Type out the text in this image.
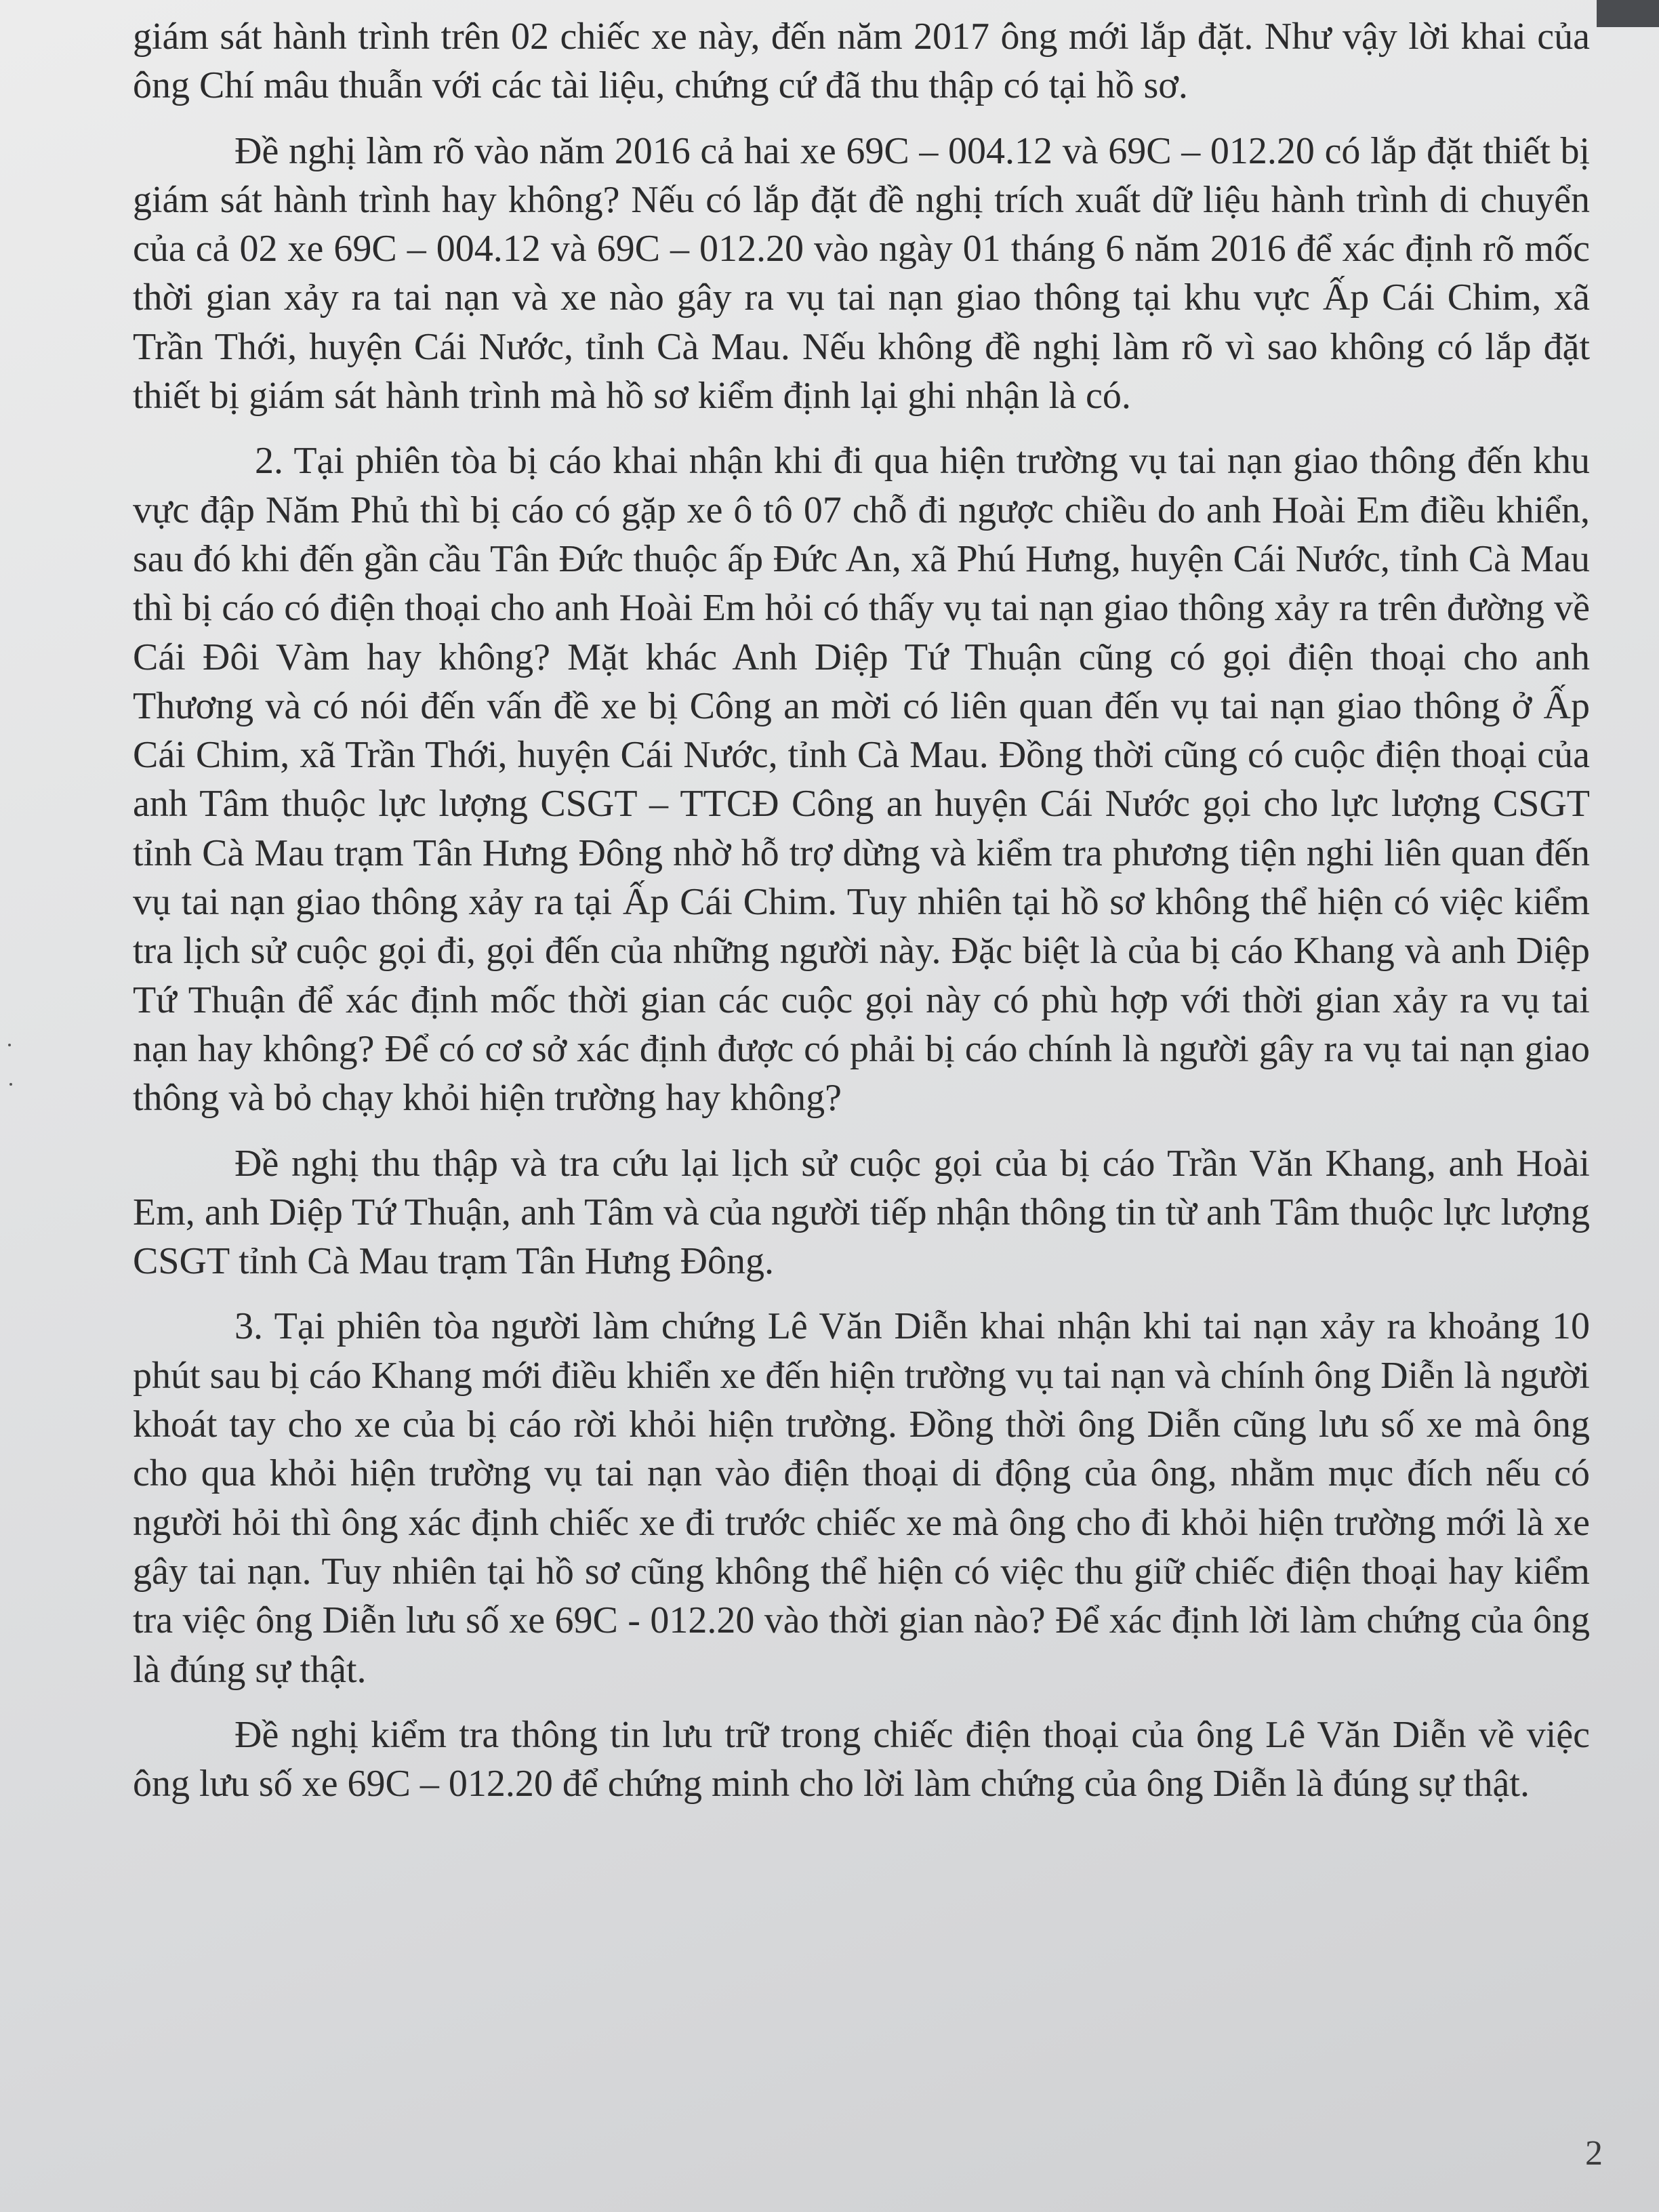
giám sát hành trình trên 02 chiếc xe này, đến năm 2017 ông mới lắp đặt. Như vậy lời khai của ông Chí mâu thuẫn với các tài liệu, chứng cứ đã thu thập có tại hồ sơ.

Đề nghị làm rõ vào năm 2016 cả hai xe 69C – 004.12 và 69C – 012.20 có lắp đặt thiết bị giám sát hành trình hay không? Nếu có lắp đặt đề nghị trích xuất dữ liệu hành trình di chuyển của cả 02 xe 69C – 004.12 và 69C – 012.20 vào ngày 01 tháng 6 năm 2016 để xác định rõ mốc thời gian xảy ra tai nạn và xe nào gây ra vụ tai nạn giao thông tại khu vực Ấp Cái Chim, xã Trần Thới, huyện Cái Nước, tỉnh Cà Mau. Nếu không đề nghị làm rõ vì sao không có lắp đặt thiết bị giám sát hành trình mà hồ sơ kiểm định lại ghi nhận là có.

2. Tại phiên tòa bị cáo khai nhận khi đi qua hiện trường vụ tai nạn giao thông đến khu vực đập Năm Phủ thì bị cáo có gặp xe ô tô 07 chỗ đi ngược chiều do anh Hoài Em điều khiển, sau đó khi đến gần cầu Tân Đức thuộc ấp Đức An, xã Phú Hưng, huyện Cái Nước, tỉnh Cà Mau thì bị cáo có điện thoại cho anh Hoài Em hỏi có thấy vụ tai nạn giao thông xảy ra trên đường về Cái Đôi Vàm hay không? Mặt khác Anh Diệp Tứ Thuận cũng có gọi điện thoại cho anh Thương và có nói đến vấn đề xe bị Công an mời có liên quan đến vụ tai nạn giao thông ở Ấp Cái Chim, xã Trần Thới, huyện Cái Nước, tỉnh Cà Mau. Đồng thời cũng có cuộc điện thoại của anh Tâm thuộc lực lượng CSGT – TTCĐ Công an huyện Cái Nước gọi cho lực lượng CSGT tỉnh Cà Mau trạm Tân Hưng Đông nhờ hỗ trợ dừng và kiểm tra phương tiện nghi liên quan đến vụ tai nạn giao thông xảy ra tại Ấp Cái Chim. Tuy nhiên tại hồ sơ không thể hiện có việc kiểm tra lịch sử cuộc gọi đi, gọi đến của những người này. Đặc biệt là của bị cáo Khang và anh Diệp Tứ Thuận để xác định mốc thời gian các cuộc gọi này có phù hợp với thời gian xảy ra vụ tai nạn hay không? Để có cơ sở xác định được có phải bị cáo chính là người gây ra vụ tai nạn giao thông và bỏ chạy khỏi hiện trường hay không?

Đề nghị thu thập và tra cứu lại lịch sử cuộc gọi của bị cáo Trần Văn Khang, anh Hoài Em, anh Diệp Tứ Thuận, anh Tâm và của người tiếp nhận thông tin từ anh Tâm thuộc lực lượng CSGT tỉnh Cà Mau trạm Tân Hưng Đông.

3. Tại phiên tòa người làm chứng Lê Văn Diễn khai nhận khi tai nạn xảy ra khoảng 10 phút sau bị cáo Khang mới điều khiển xe đến hiện trường vụ tai nạn và chính ông Diễn là người khoát tay cho xe của bị cáo rời khỏi hiện trường. Đồng thời ông Diễn cũng lưu số xe mà ông cho qua khỏi hiện trường vụ tai nạn vào điện thoại di động của ông, nhằm mục đích nếu có người hỏi thì ông xác định chiếc xe đi trước chiếc xe mà ông cho đi khỏi hiện trường mới là xe gây tai nạn. Tuy nhiên tại hồ sơ cũng không thể hiện có việc thu giữ chiếc điện thoại hay kiểm tra việc ông Diễn lưu số xe 69C - 012.20 vào thời gian nào? Để xác định lời làm chứng của ông là đúng sự thật.

Đề nghị kiểm tra thông tin lưu trữ trong chiếc điện thoại của ông Lê Văn Diễn về việc ông lưu số xe 69C – 012.20 để chứng minh cho lời làm chứng của ông Diễn là đúng sự thật.

2
